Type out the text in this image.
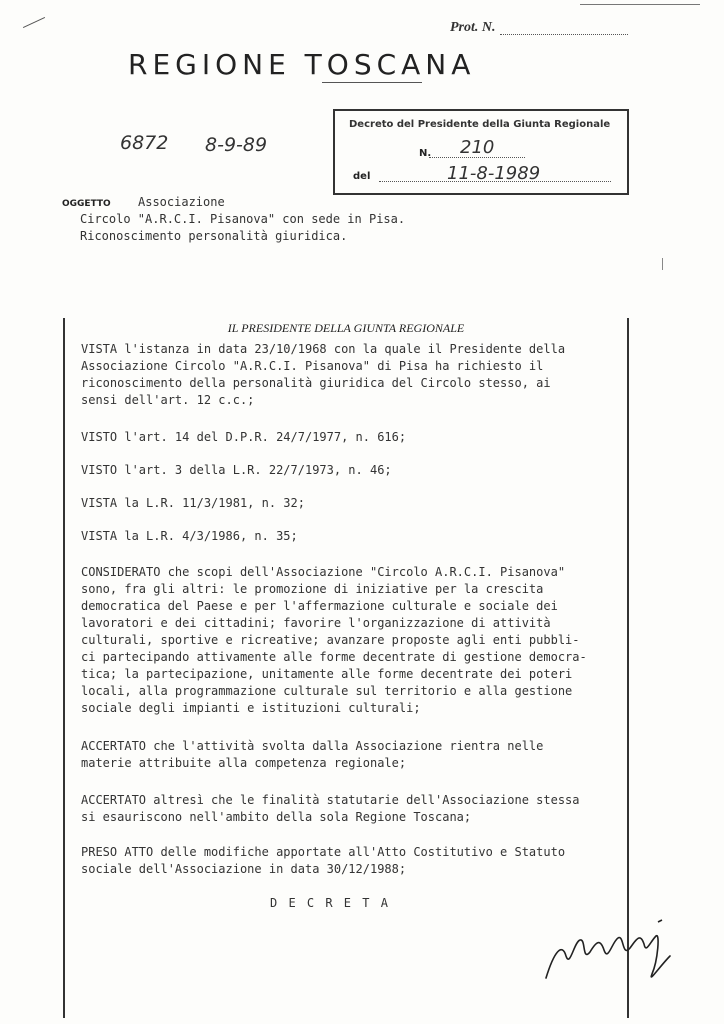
Prot. N.
REGIONE TOSCANA
6872 8-9-89
Decreto del Presidente della Giunta Regionale
N. 210
del	11-8-1989
OGGETTO Associazione
Circolo "A.R.C.I. Pisanova" con sede in Pisa.
Riconoscimento personalità giuridica.
IL PRESIDENTE DELLA GIUNTA REGIONALE
VISTA l'istanza in data 23/10/1968 con la quale il Presidente della
Associazione Circolo "A.R.C.I. Pisanova" di Pisa ha richiesto il
riconoscimento della personalità giuridica del Circolo stesso, ai
sensi dell'art. 12 c.c.;
VISTO l'art. 14 del D.P.R. 24/7/1977, n. 616;
VISTO l'art. 3 della L.R. 22/7/1973, n. 46;
VISTA la L.R. 11/3/1981, n. 32;
VISTA la L.R. 4/3/1986, n. 35;
CONSIDERATO che scopi dell'Associazione "Circolo A.R.C.I. Pisanova"
sono, fra gli altri: le promozione di iniziative per la crescita
democratica del Paese e per l'affermazione culturale e sociale dei
lavoratori e dei cittadini; favorire l'organizzazione di attività
culturali, sportive e ricreative; avanzare proposte agli enti pubbli-
ci partecipando attivamente alle forme decentrate di gestione democra-
tica; la partecipazione, unitamente alle forme decentrate dei poteri
locali, alla programmazione culturale sul territorio e alla gestione
sociale degli impianti e istituzioni culturali;
ACCERTATO che l'attività svolta dalla Associazione rientra nelle
materie attribuite alla competenza regionale;
ACCERTATO altresì che le finalità statutarie dell'Associazione stessa
si esauriscono nell'ambito della sola Regione Toscana;
PRESO ATTO delle modifiche apportate all'Atto Costitutivo e Statuto
sociale dell'Associazione in data 30/12/1988;
D E C R E T A
